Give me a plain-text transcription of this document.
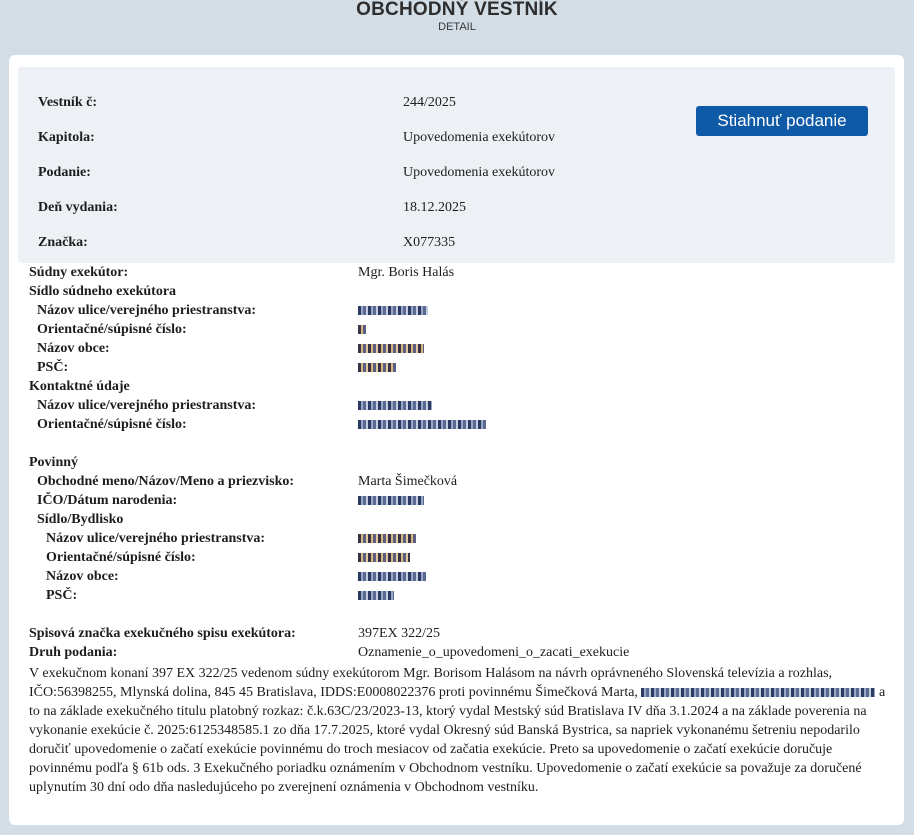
OBCHODNÝ VESTNÍK
DETAIL
Vestník č:	244/2025
Kapitola:	Upovedomenia exekútorov
Podanie:	Upovedomenia exekútorov
Deň vydania:	18.12.2025
Značka:	X077335
Stiahnuť podanie
Súdny exekútor:	Mgr. Boris Halás
Sídlo súdneho exekútora
Názov ulice/verejného priestranstva:
Orientačné/súpisné číslo:
Názov obce:
PSČ:
Kontaktné údaje
Názov ulice/verejného priestranstva:
Orientačné/súpisné číslo:
Povinný
Obchodné meno/Názov/Meno a priezvisko:	Marta Šimečková
IČO/Dátum narodenia:
Sídlo/Bydlisko
Názov ulice/verejného priestranstva:
Orientačné/súpisné číslo:
Názov obce:
PSČ:
Spisová značka exekučného spisu exekútora:	397EX 322/25
Druh podania:	Oznamenie_o_upovedomeni_o_zacati_exekucie
V exekučnom konaní 397 EX 322/25 vedenom súdny exekútorom Mgr. Borisom Halásom na návrh oprávneného Slovenská televízia a rozhlas, IČO:56398255, Mlynská dolina, 845 45 Bratislava, IDDS:E0008022376 proti povinnému Šimečková Marta,	a to na základe exekučného titulu platobný rozkaz: č.k.63C/23/2023-13, ktorý vydal Mestský súd Bratislava IV dňa 3.1.2024 a na základe poverenia na vykonanie exekúcie č. 2025:6125348585.1 zo dňa 17.7.2025, ktoré vydal Okresný súd Banská Bystrica, sa napriek vykonanému šetreniu nepodarilo doručiť upovedomenie o začatí exekúcie povinnému do troch mesiacov od začatia exekúcie. Preto sa upovedomenie o začatí exekúcie doručuje povinnému podľa § 61b ods. 3 Exekučného poriadku oznámením v Obchodnom vestníku. Upovedomenie o začatí exekúcie sa považuje za doručené uplynutím 30 dní odo dňa nasledujúceho po zverejnení oznámenia v Obchodnom vestníku.
